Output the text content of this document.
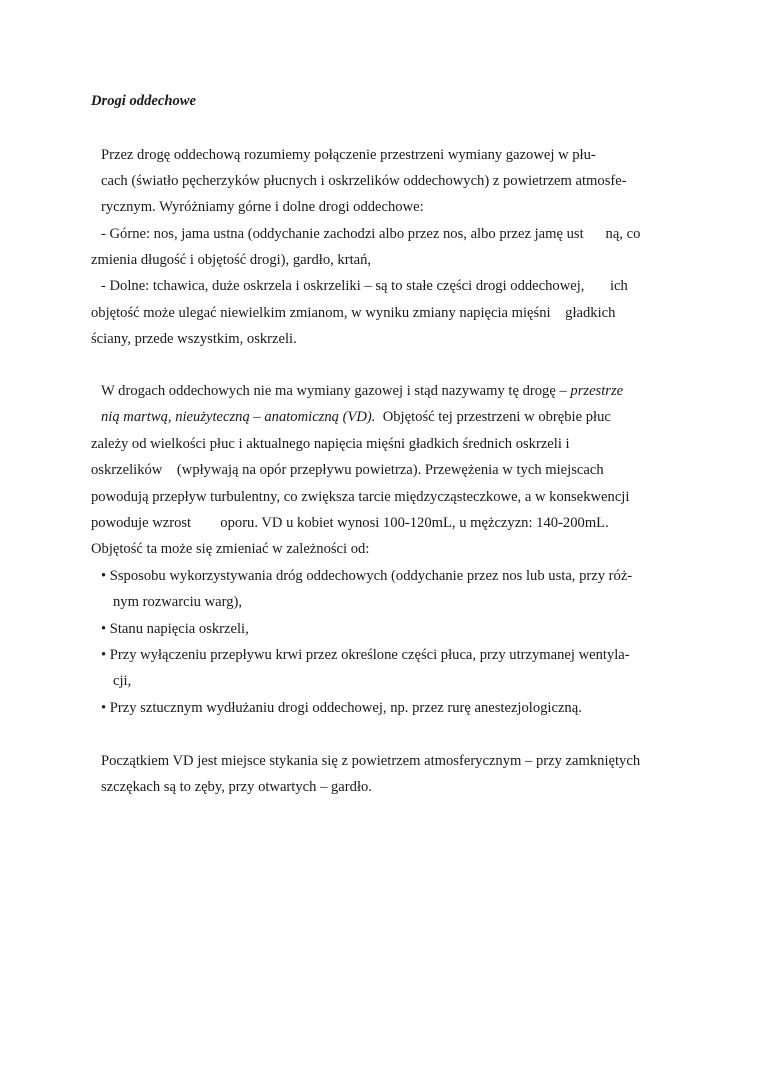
Drogi oddechowe
Przez drogę oddechową rozumiemy połączenie przestrzeni wymiany gazowej w płu-
cach (światło pęcherzyków płucnych i oskrzelików oddechowych) z powietrzem atmosfe-
rycznym. Wyróżniamy górne i dolne drogi oddechowe:
- Górne: nos, jama ustna (oddychanie zachodzi albo przez nos, albo przez jamę ust      ną, co
zmienia długość i objętość drogi), gardło, krtań,
- Dolne: tchawica, duże oskrzela i oskrzeliki – są to stałe części drogi oddechowej,       ich
objętość może ulegać niewielkim zmianom, w wyniku zmiany napięcia mięśni    gładkich
ściany, przede wszystkim, oskrzeli.
W drogach oddechowych nie ma wymiany gazowej i stąd nazywamy tę drogę – przestrze
nią martwą, nieużyteczną – anatomiczną (VD).  Objętość tej przestrzeni w obrębie płuc
zależy od wielkości płuc i aktualnego napięcia mięśni gładkich średnich oskrzeli i
oskrzelików    (wpływają na opór przepływu powietrza). Przewężenia w tych miejscach
powodują przepływ turbulentny, co zwiększa tarcie międzycząsteczkowe, a w konsekwencji
powoduje wzrost        oporu. VD u kobiet wynosi 100-120mL, u mężczyzn: 140-200mL.
Objętość ta może się zmieniać w zależności od:
• Ssposobu wykorzystywania dróg oddechowych (oddychanie przez nos lub usta, przy róż-
nym rozwarciu warg),
• Stanu napięcia oskrzeli,
• Przy wyłączeniu przepływu krwi przez określone części płuca, przy utrzymanej wentyla-
cji,
• Przy sztucznym wydłużaniu drogi oddechowej, np. przez rurę anestezjologiczną.
Początkiem VD jest miejsce stykania się z powietrzem atmosferycznym – przy zamkniętych
szczękach są to zęby, przy otwartych – gardło.
